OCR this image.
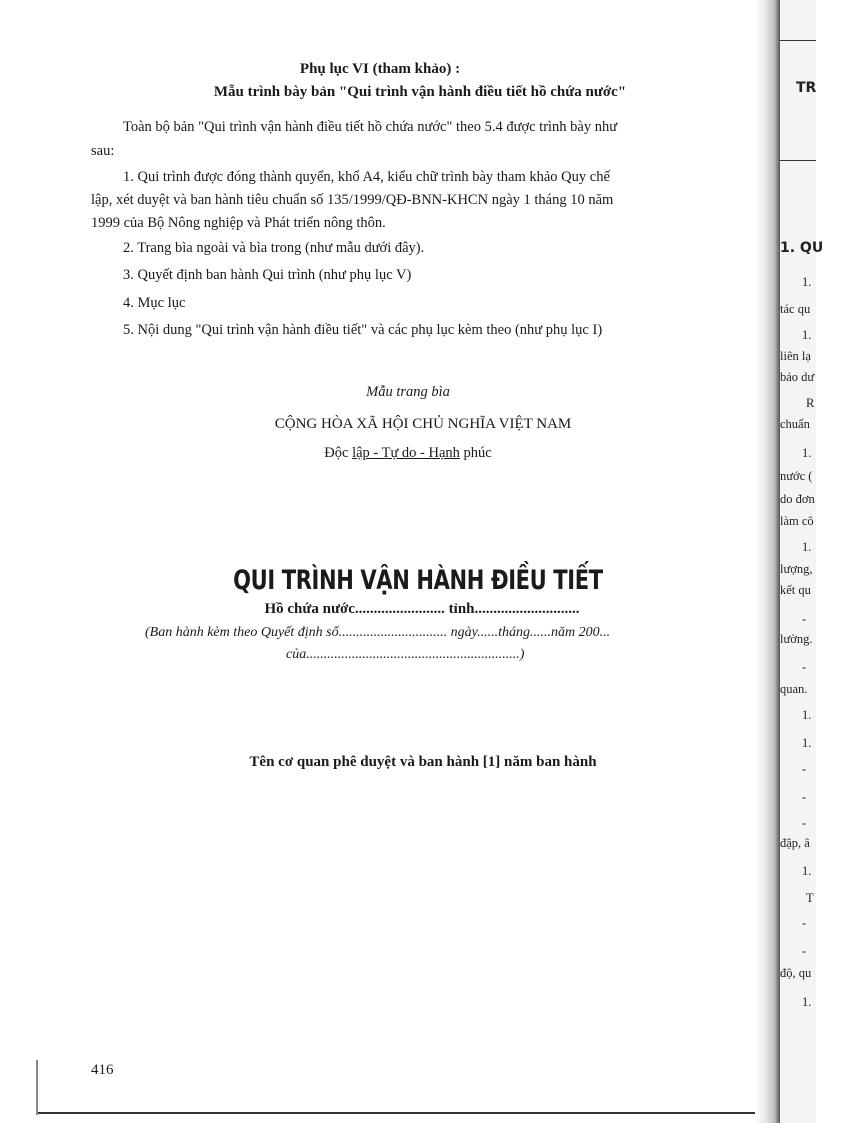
Phụ lục VI (tham khảo) :
Mẫu trình bày bản "Qui trình vận hành điều tiết hồ chứa nước"
Toàn bộ bản "Qui trình vận hành điều tiết hồ chứa nước" theo 5.4 được trình bày như
sau:
1. Qui trình được đóng thành quyển, khổ A4, kiểu chữ trình bày tham khảo Quy chế
lập, xét duyệt và ban hành tiêu chuẩn số 135/1999/QĐ-BNN-KHCN ngày 1 tháng 10 năm
1999 của Bộ Nông nghiệp và Phát triển nông thôn.
2. Trang bìa ngoài và bìa trong (như mẫu dưới đây).
3. Quyết định ban hành Qui trình (như phụ lục V)
4. Mục lục
5. Nội dung "Qui trình vận hành điều tiết" và các phụ lục kèm theo (như phụ lục I)
Mẫu trang bìa
CỘNG HÒA XÃ HỘI CHỦ NGHĨA VIỆT NAM
Độc lập - Tự do - Hạnh phúc
QUI TRÌNH VẬN HÀNH ĐIỀU TIẾT
Hồ chứa nước........................ tỉnh............................
(Ban hành kèm theo Quyết định số............................... ngày......tháng......năm 200...
của.............................................................)
Tên cơ quan phê duyệt và ban hành [1] năm ban hành
416
TR
1. QU
1.
tác qu
1.
liên lạ
bảo dư
R
chuẩn
1.
nước (
do đơn
làm cô
1.
lượng,
kết qu
-
lường.
-
quan.
1.
1.
-
-
-
đập, â
1.
T
-
-
độ, qu
1.
